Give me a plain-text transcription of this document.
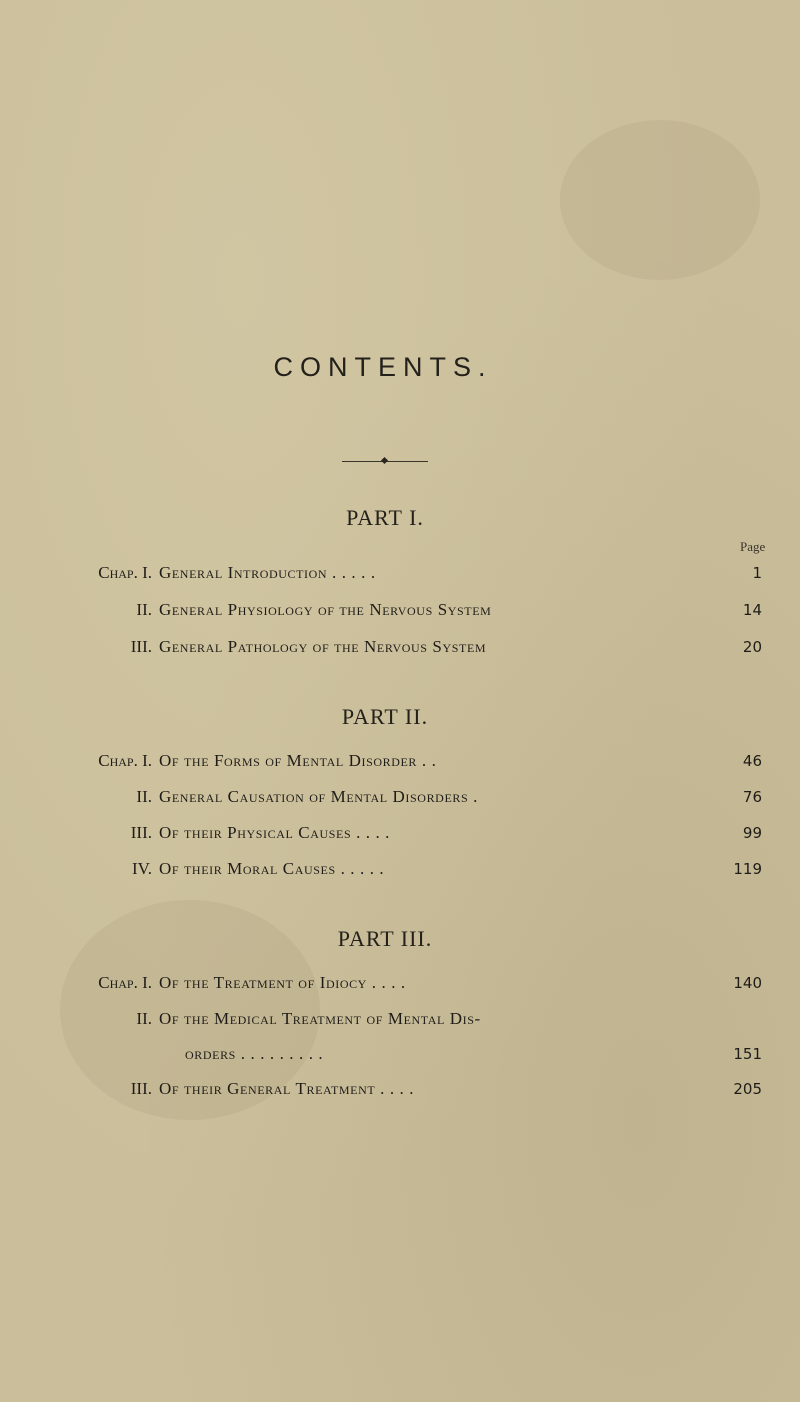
CONTENTS.
PART I.
Page
Chap. I. General Introduction . . . . .	1
II. General Physiology of the Nervous System	14
III. General Pathology of the Nervous System	20
PART II.
Chap. I. Of the Forms of Mental Disorder . .	46
II. General Causation of Mental Disorders .	76
III. Of their Physical Causes . . . .	99
IV. Of their Moral Causes . . . . .	119
PART III.
Chap. I. Of the Treatment of Idiocy . . . .	140
II. Of the Medical Treatment of Mental Dis-
orders . . . . . . . . .	151
III. Of their General Treatment . . . .	205
